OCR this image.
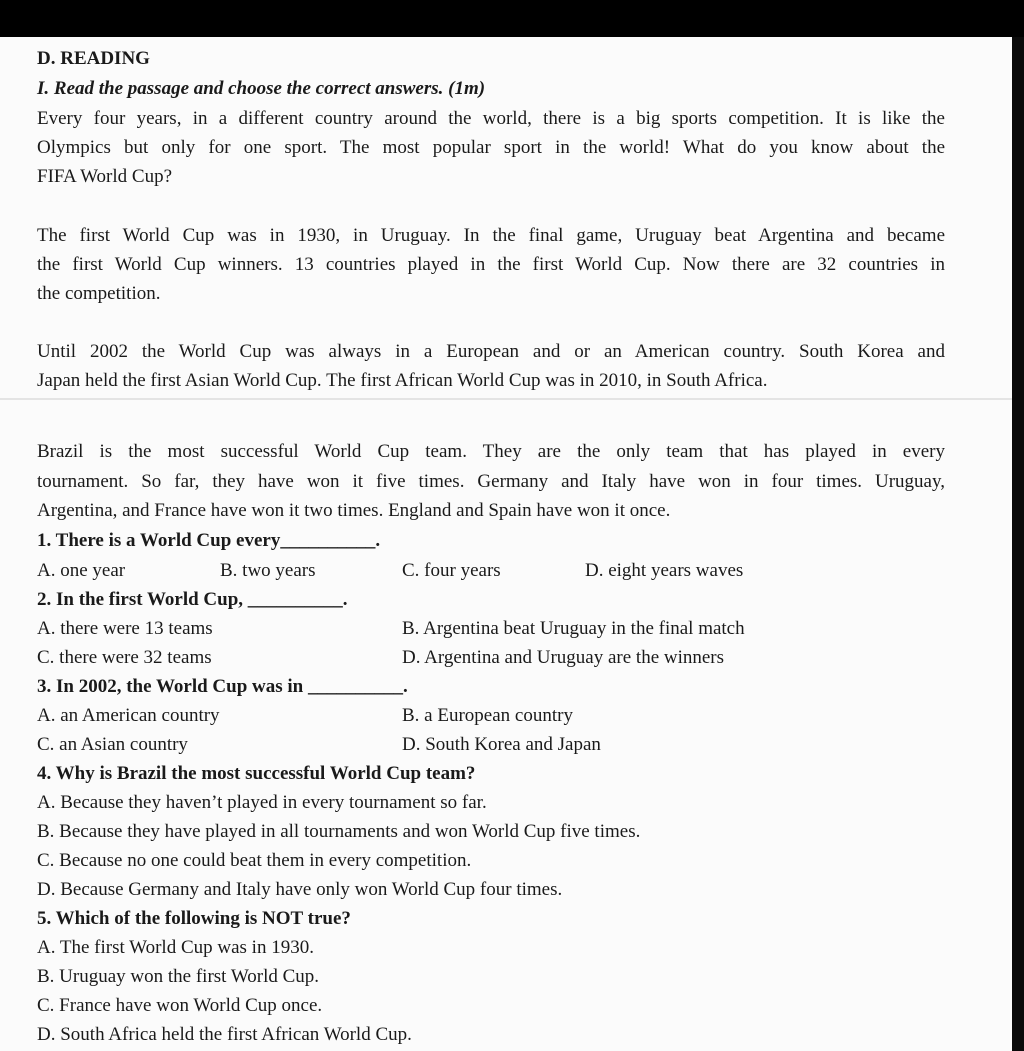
D. READING
I. Read the passage and choose the correct answers. (1m)
Every four years, in a different country around the world, there is a big sports competition. It is like the
Olympics but only for one sport. The most popular sport in the world! What do you know about the
FIFA World Cup?
The first World Cup was in 1930, in Uruguay. In the final game, Uruguay beat Argentina and became
the first World Cup winners. 13 countries played in the first World Cup. Now there are 32 countries in
the competition.
Until 2002 the World Cup was always in a European and or an American country. South Korea and
Japan held the first Asian World Cup. The first African World Cup was in 2010, in South Africa.
Brazil is the most successful World Cup team. They are the only team that has played in every
tournament. So far, they have won it five times. Germany and Italy have won in four times. Uruguay,
Argentina, and France have won it two times. England and Spain have won it once.
1. There is a World Cup every__________.
A. one year	B. two years	C. four years	D. eight years waves
2. In the first World Cup, __________.
A. there were 13 teams	B. Argentina beat Uruguay in the final match
C. there were 32 teams	D. Argentina and Uruguay are the winners
3. In 2002, the World Cup was in __________.
A. an American country	B. a European country
C. an Asian country	D. South Korea and Japan
4. Why is Brazil the most successful World Cup team?
A. Because they haven’t played in every tournament so far.
B. Because they have played in all tournaments and won World Cup five times.
C. Because no one could beat them in every competition.
D. Because Germany and Italy have only won World Cup four times.
5. Which of the following is NOT true?
A. The first World Cup was in 1930.
B. Uruguay won the first World Cup.
C. France have won World Cup once.
D. South Africa held the first African World Cup.
